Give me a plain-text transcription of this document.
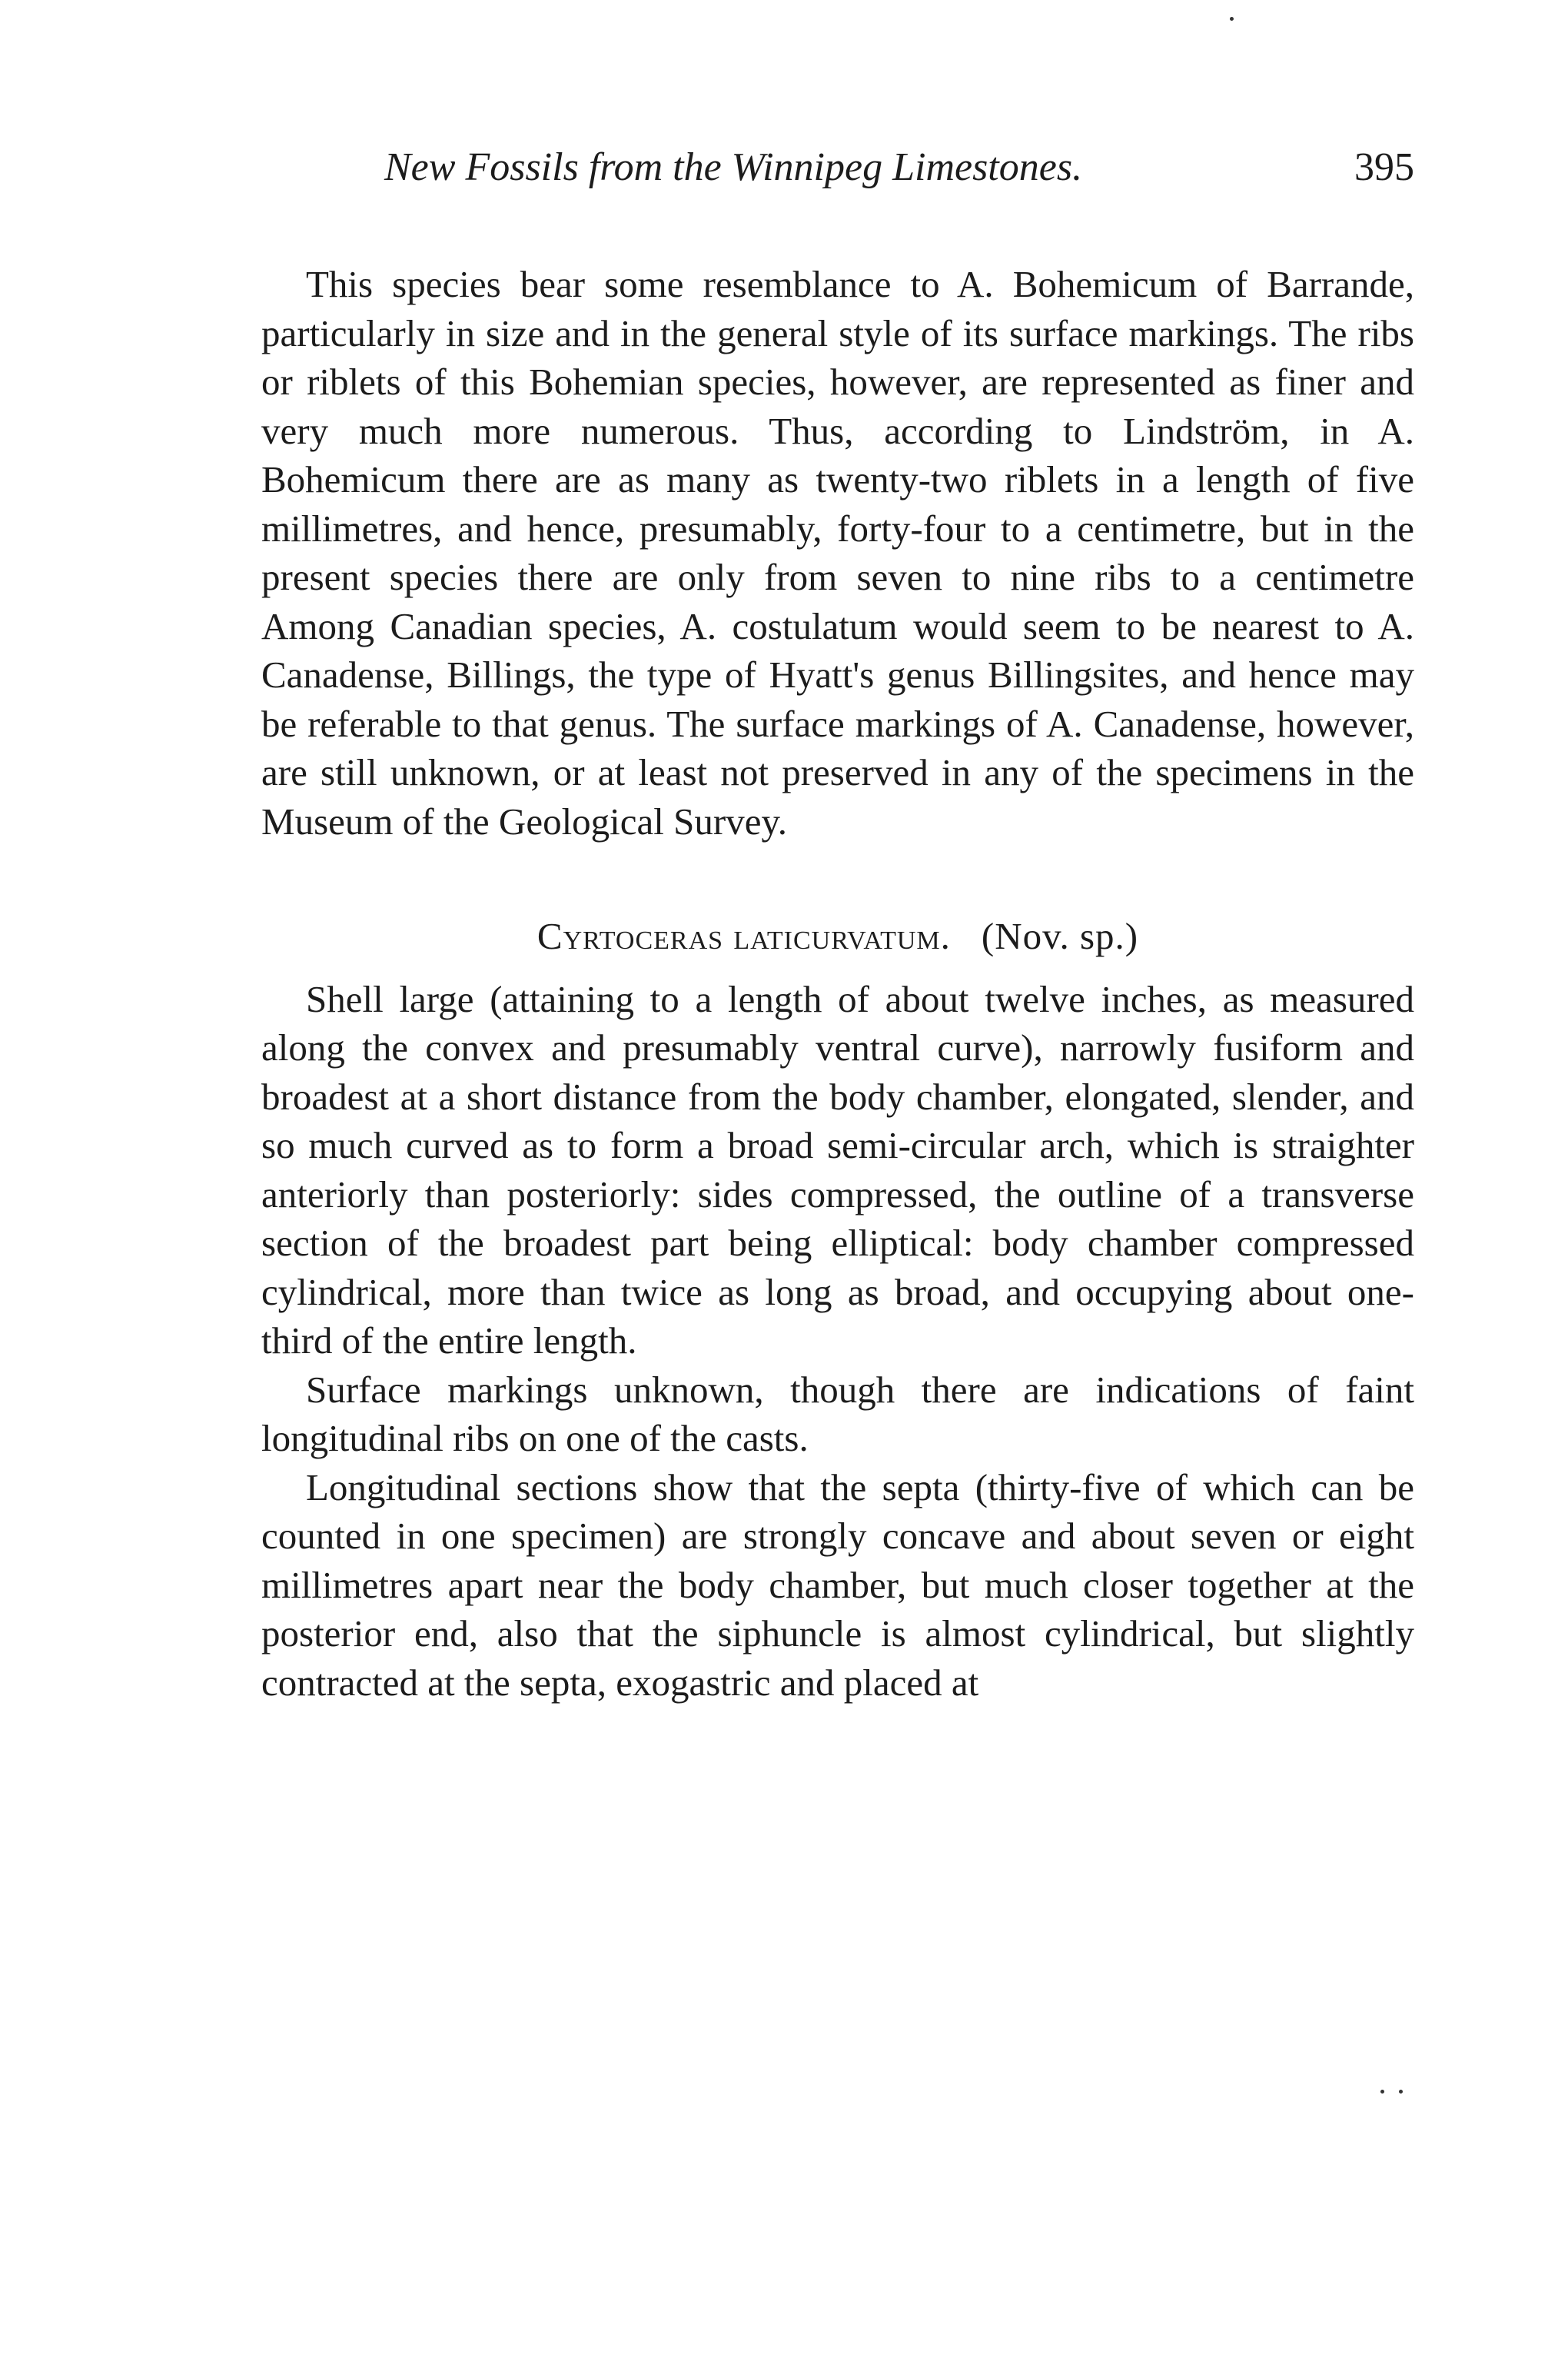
New Fossils from the Winnipeg Limestones.	395

This species bear some resemblance to A. Bohemicum of Barrande, particularly in size and in the general style of its surface markings. The ribs or riblets of this Bohemian species, however, are represented as finer and very much more numerous. Thus, according to Lindström, in A. Bohemicum there are as many as twenty-two riblets in a length of five millimetres, and hence, presumably, forty-four to a centimetre, but in the present species there are only from seven to nine ribs to a centimetre Among Canadian species, A. costulatum would seem to be nearest to A. Canadense, Billings, the type of Hyatt's genus Billingsites, and hence may be referable to that genus. The surface markings of A. Canadense, however, are still unknown, or at least not preserved in any of the specimens in the Museum of the Geological Survey.

Cyrtoceras laticurvatum. (Nov. sp.)

Shell large (attaining to a length of about twelve inches, as measured along the convex and presumably ventral curve), narrowly fusiform and broadest at a short distance from the body chamber, elongated, slender, and so much curved as to form a broad semi-circular arch, which is straighter anteriorly than posteriorly: sides compressed, the outline of a transverse section of the broadest part being elliptical: body chamber compressed cylindrical, more than twice as long as broad, and occupying about one-third of the entire length.

Surface markings unknown, though there are indications of faint longitudinal ribs on one of the casts.

Longitudinal sections show that the septa (thirty-five of which can be counted in one specimen) are strongly concave and about seven or eight millimetres apart near the body chamber, but much closer together at the posterior end, also that the siphuncle is almost cylindrical, but slightly contracted at the septa, exogastric and placed at
